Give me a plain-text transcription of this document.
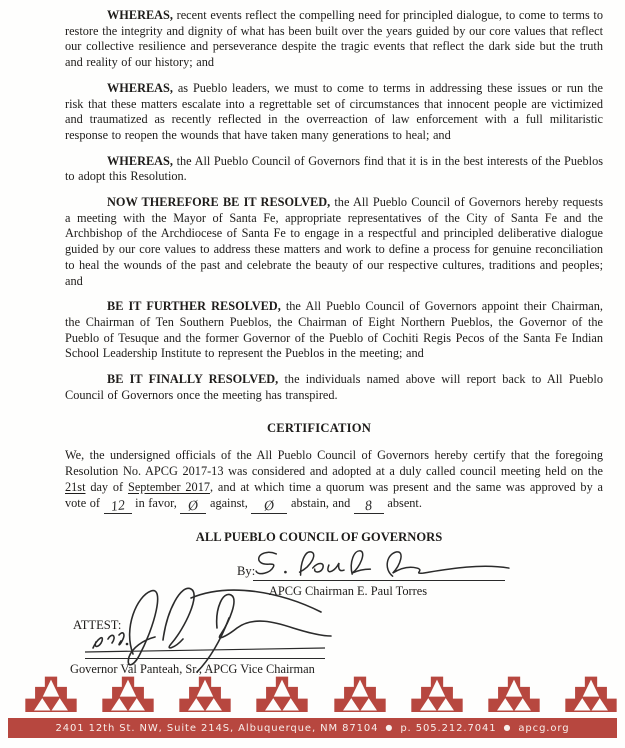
WHEREAS, recent events reflect the compelling need for principled dialogue, to come to terms to restore the integrity and dignity of what has been built over the years guided by our core values that reflect our collective resilience and perseverance despite the tragic events that reflect the dark side but the truth and reality of our history; and

WHEREAS, as Pueblo leaders, we must to come to terms in addressing these issues or run the risk that these matters escalate into a regrettable set of circumstances that innocent people are victimized and traumatized as recently reflected in the overreaction of law enforcement with a full militaristic response to reopen the wounds that have taken many generations to heal; and

WHEREAS, the All Pueblo Council of Governors find that it is in the best interests of the Pueblos to adopt this Resolution.

NOW THEREFORE BE IT RESOLVED, the All Pueblo Council of Governors hereby requests a meeting with the Mayor of Santa Fe, appropriate representatives of the City of Santa Fe and the Archbishop of the Archdiocese of Santa Fe to engage in a respectful and principled deliberative dialogue guided by our core values to address these matters and work to define a process for genuine reconciliation to heal the wounds of the past and celebrate the beauty of our respective cultures, traditions and peoples; and

BE IT FURTHER RESOLVED, the All Pueblo Council of Governors appoint their Chairman, the Chairman of Ten Southern Pueblos, the Chairman of Eight Northern Pueblos, the Governor of the Pueblo of Tesuque and the former Governor of the Pueblo of Cochiti Regis Pecos of the Santa Fe Indian School Leadership Institute to represent the Pueblos in the meeting; and

BE IT FINALLY RESOLVED, the individuals named above will report back to All Pueblo Council of Governors once the meeting has transpired.

CERTIFICATION

We, the undersigned officials of the All Pueblo Council of Governors hereby certify that the foregoing Resolution No. APCG 2017-13 was considered and adopted at a duly called council meeting held on the 21st day of September 2017, and at which time a quorum was present and the same was approved by a vote of 12 in favor, Ø against, Ø abstain, and 8 absent.

ALL PUEBLO COUNCIL OF GOVERNORS
By:
APCG Chairman E. Paul Torres
ATTEST:
Governor Val Panteah, Sr., APCG Vice Chairman
2401 12th St. NW, Suite 214S, Albuquerque, NM 87104 ● p. 505.212.7041 ● apcg.org
